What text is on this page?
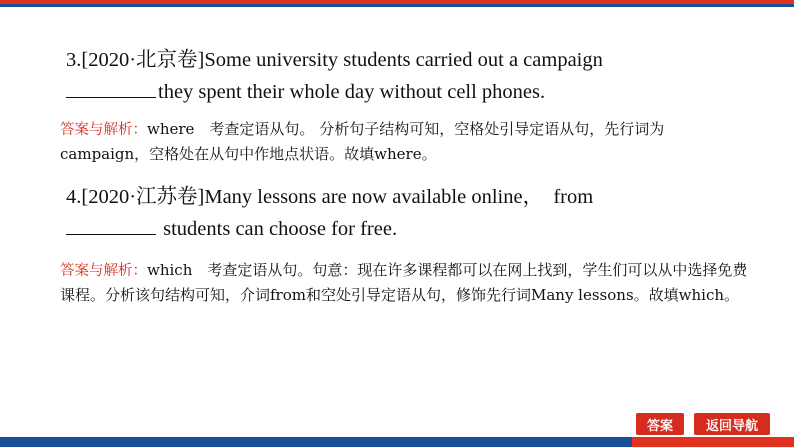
3.[2020·北京卷]Some university students carried out a campaign
they spent their whole day without cell phones.
答案与解析：where　考查定语从句。 分析句子结构可知，空格处引导定语从句，先行词为campaign，空格处在从句中作地点状语。故填where。
4.[2020·江苏卷]Many lessons are now available online，　from
students can choose for free.
答案与解析：which　考查定语从句。句意：现在许多课程都可以在网上找到，学生们可以从中选择免费课程。分析该句结构可知，介词from和空处引导定语从句，修饰先行词Many lessons。故填which。
答案	返回导航
